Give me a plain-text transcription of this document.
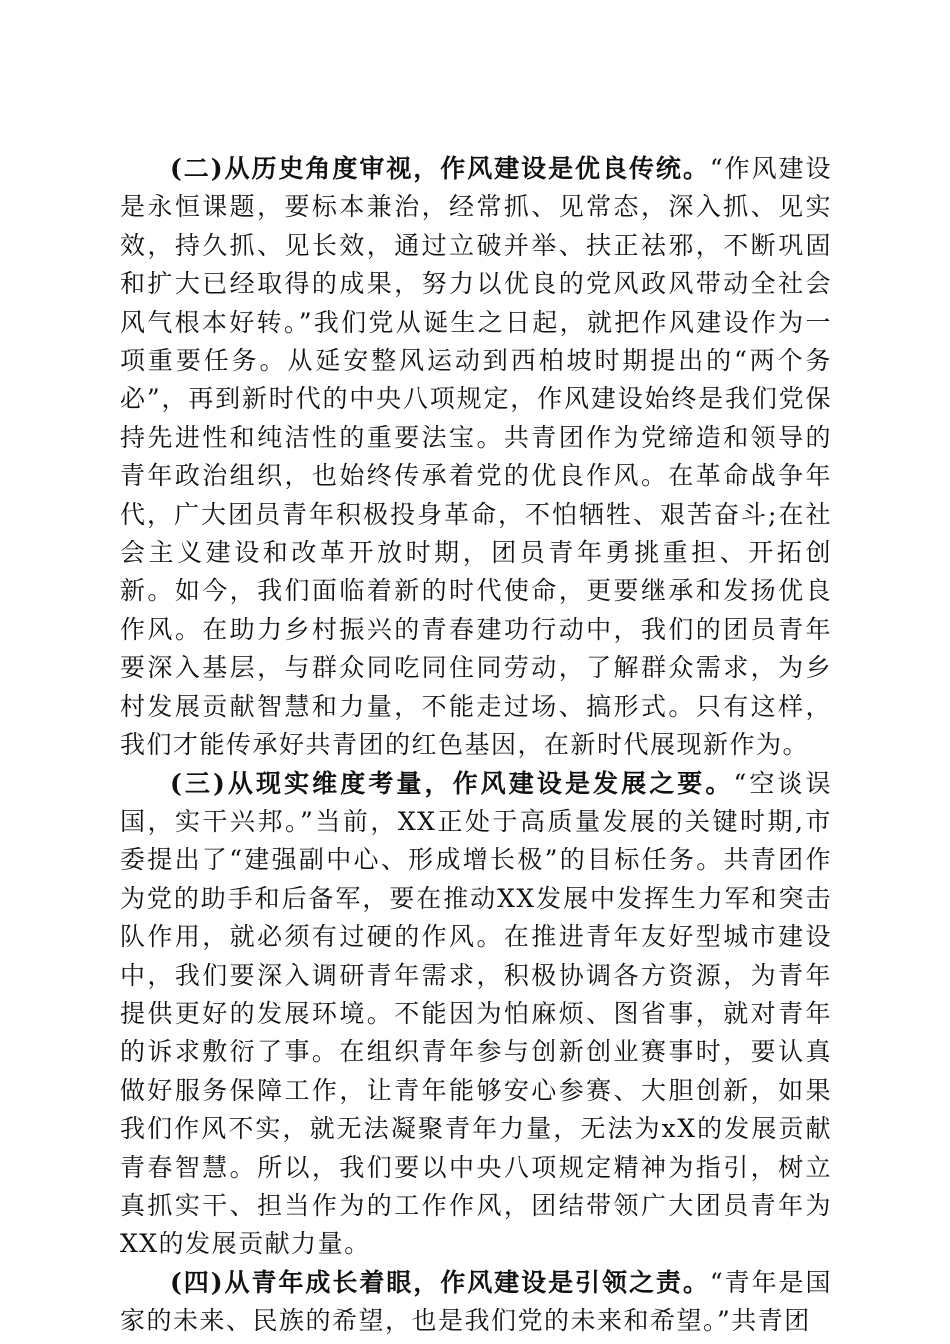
(二)从历史角度审视，作风建设是优良传统。“作风建设是永恒课题，要标本兼治，经常抓、见常态，深入抓、见实效，持久抓、见长效，通过立破并举、扶正祛邪，不断巩固和扩大已经取得的成果，努力以优良的党风政风带动全社会风气根本好转。”我们党从诞生之日起，就把作风建设作为一项重要任务。从延安整风运动到西柏坡时期提出的“两个务必”，再到新时代的中央八项规定，作风建设始终是我们党保持先进性和纯洁性的重要法宝。共青团作为党缔造和领导的青年政治组织，也始终传承着党的优良作风。在革命战争年代，广大团员青年积极投身革命，不怕牺牲、艰苦奋斗;在社会主义建设和改革开放时期，团员青年勇挑重担、开拓创新。如今，我们面临着新的时代使命，更要继承和发扬优良作风。在助力乡村振兴的青春建功行动中，我们的团员青年要深入基层，与群众同吃同住同劳动，了解群众需求，为乡村发展贡献智慧和力量，不能走过场、搞形式。只有这样，我们才能传承好共青团的红色基因，在新时代展现新作为。

(三)从现实维度考量，作风建设是发展之要。“空谈误国，实干兴邦。”当前，XX正处于高质量发展的关键时期,市委提出了“建强副中心、形成增长极”的目标任务。共青团作为党的助手和后备军，要在推动XX发展中发挥生力军和突击队作用，就必须有过硬的作风。在推进青年友好型城市建设中，我们要深入调研青年需求，积极协调各方资源，为青年提供更好的发展环境。不能因为怕麻烦、图省事，就对青年的诉求敷衍了事。在组织青年参与创新创业赛事时，要认真做好服务保障工作，让青年能够安心参赛、大胆创新，如果我们作风不实，就无法凝聚青年力量，无法为xX的发展贡献青春智慧。所以，我们要以中央八项规定精神为指引，树立真抓实干、担当作为的工作作风，团结带领广大团员青年为XX的发展贡献力量。

(四)从青年成长着眼，作风建设是引领之责。“青年是国家的未来、民族的希望，也是我们党的未来和希望。”共青团
